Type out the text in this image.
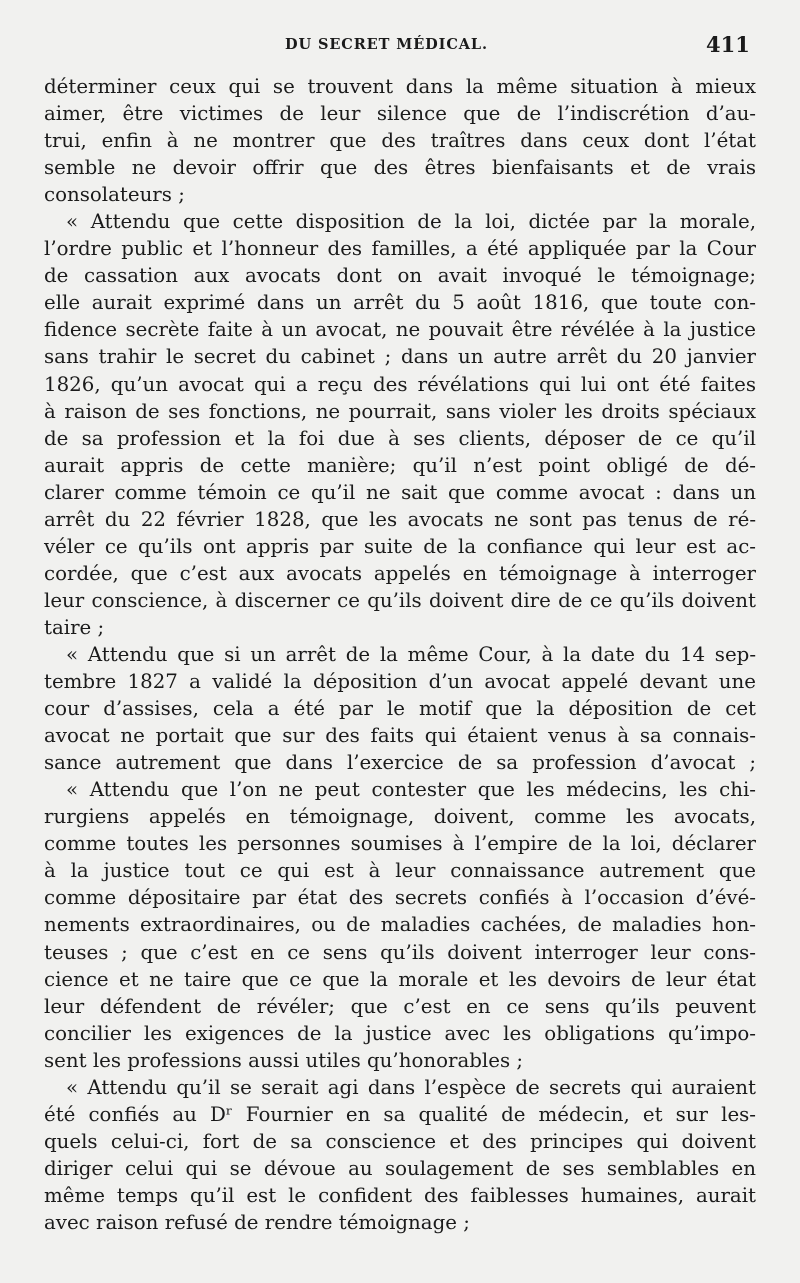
DU SECRET MÉDICAL.	411
déterminer ceux qui se trouvent dans la même situation à mieux
aimer, être victimes de leur silence que de l’indiscrétion d’au-
trui, enfin à ne montrer que des traîtres dans ceux dont l’état
semble ne devoir offrir que des êtres bienfaisants et de vrais
consolateurs ;
« Attendu que cette disposition de la loi, dictée par la morale,
l’ordre public et l’honneur des familles, a été appliquée par la Cour
de cassation aux avocats dont on avait invoqué le témoignage;
elle aurait exprimé dans un arrêt du 5 août 1816, que toute con-
fidence secrète faite à un avocat, ne pouvait être révélée à la justice
sans trahir le secret du cabinet ; dans un autre arrêt du 20 janvier
1826, qu’un avocat qui a reçu des révélations qui lui ont été faites
à raison de ses fonctions, ne pourrait, sans violer les droits spéciaux
de sa profession et la foi due à ses clients, déposer de ce qu’il
aurait appris de cette manière; qu’il n’est point obligé de dé-
clarer comme témoin ce qu’il ne sait que comme avocat : dans un
arrêt du 22 février 1828, que les avocats ne sont pas tenus de ré-
véler ce qu’ils ont appris par suite de la confiance qui leur est ac-
cordée, que c’est aux avocats appelés en témoignage à interroger
leur conscience, à discerner ce qu’ils doivent dire de ce qu’ils doivent
taire ;
« Attendu que si un arrêt de la même Cour, à la date du 14 sep-
tembre 1827 a validé la déposition d’un avocat appelé devant une
cour d’assises, cela a été par le motif que la déposition de cet
avocat ne portait que sur des faits qui étaient venus à sa connais-
sance autrement que dans l’exercice de sa profession d’avocat ;
« Attendu que l’on ne peut contester que les médecins, les chi-
rurgiens appelés en témoignage, doivent, comme les avocats,
comme toutes les personnes soumises à l’empire de la loi, déclarer
à la justice tout ce qui est à leur connaissance autrement que
comme dépositaire par état des secrets confiés à l’occasion d’évé-
nements extraordinaires, ou de maladies cachées, de maladies hon-
teuses ; que c’est en ce sens qu’ils doivent interroger leur cons-
cience et ne taire que ce que la morale et les devoirs de leur état
leur défendent de révéler; que c’est en ce sens qu’ils peuvent
concilier les exigences de la justice avec les obligations qu’impo-
sent les professions aussi utiles qu’honorables ;
« Attendu qu’il se serait agi dans l’espèce de secrets qui auraient
été confiés au Dʳ Fournier en sa qualité de médecin, et sur les-
quels celui-ci, fort de sa conscience et des principes qui doivent
diriger celui qui se dévoue au soulagement de ses semblables en
même temps qu’il est le confident des faiblesses humaines, aurait
avec raison refusé de rendre témoignage ;
